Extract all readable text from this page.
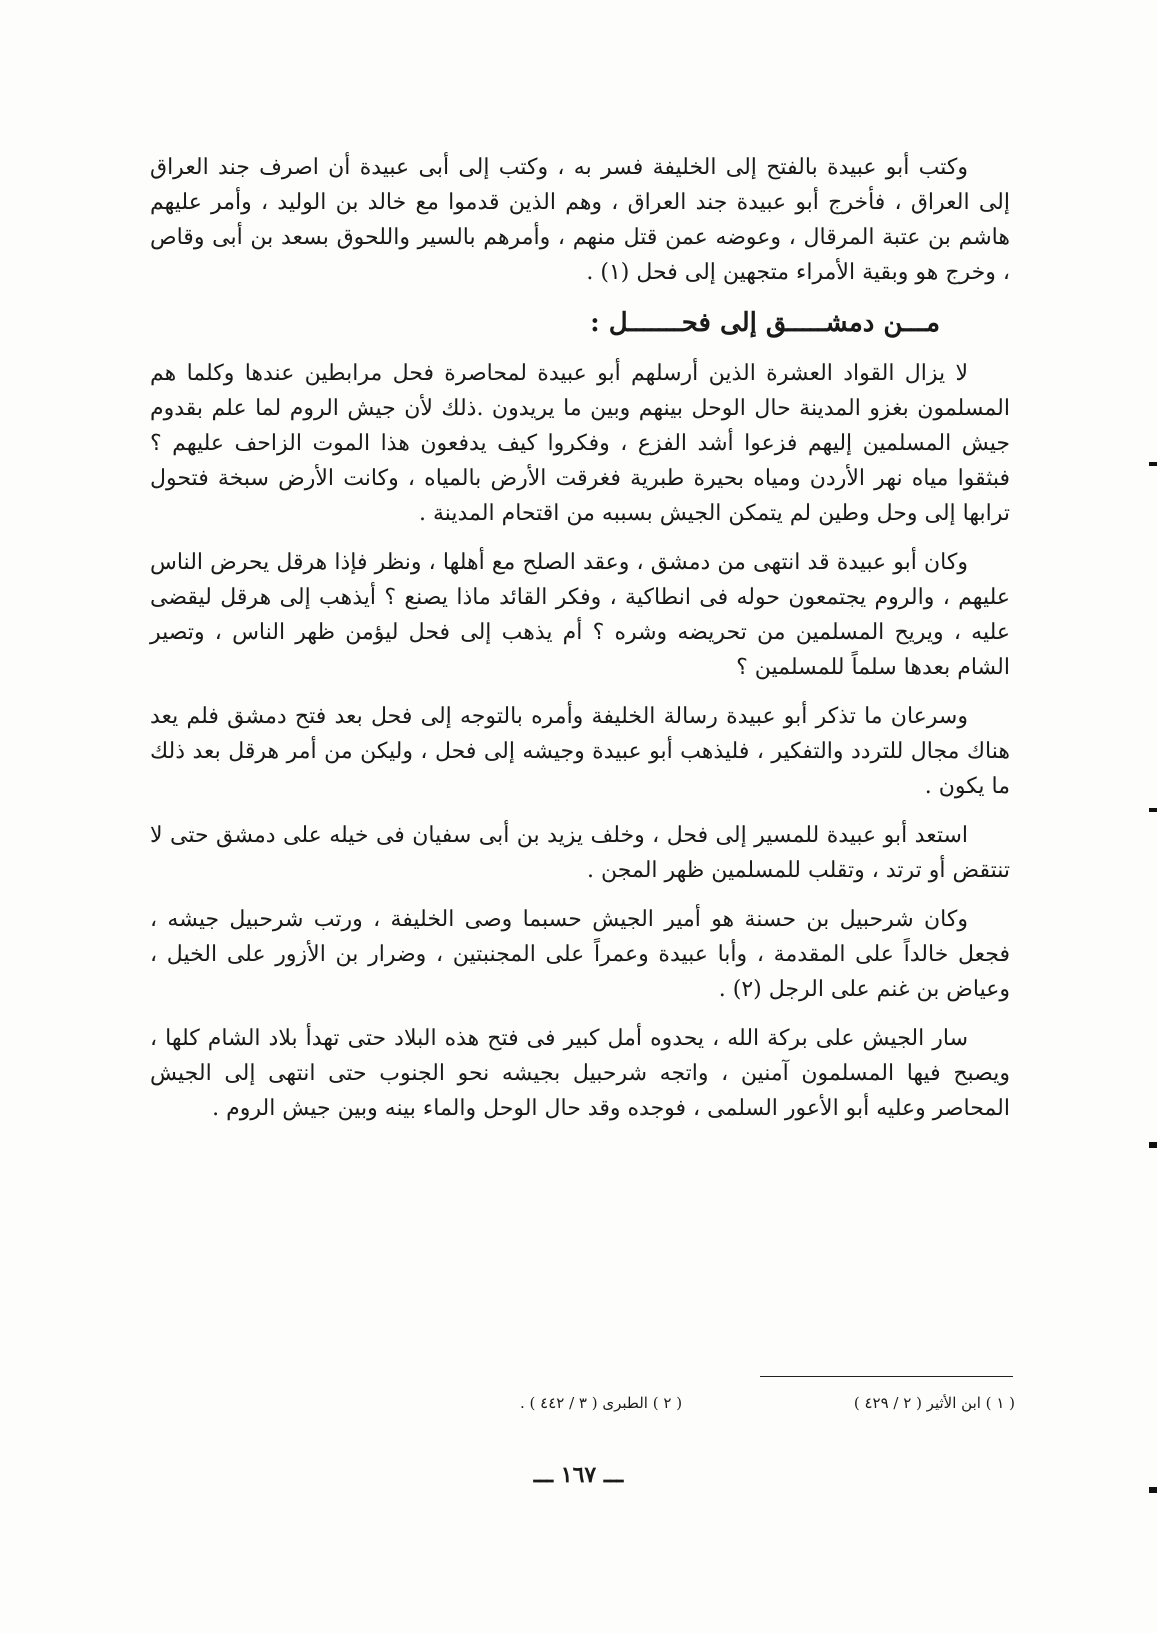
وكتب أبو عبيدة بالفتح إلى الخليفة فسر به ، وكتب إلى أبى عبيدة أن اصرف جند العراق إلى العراق ، فأخرج أبو عبيدة جند العراق ، وهم الذين قدموا مع خالد بن الوليد ، وأمر عليهم هاشم بن عتبة المرقال ، وعوضه عمن قتل منهم ، وأمرهم بالسير واللحوق بسعد بن أبى وقاص ، وخرج هو وبقية الأمراء متجهين إلى فحل (١) .

مـــن دمشـــــق إلى فحـــــــل :

لا يزال القواد العشرة الذين أرسلهم أبو عبيدة لمحاصرة فحل مرابطين عندها وكلما هم المسلمون بغزو المدينة حال الوحل بينهم وبين ما يريدون .ذلك لأن جيش الروم لما علم بقدوم جيش المسلمين إليهم فزعوا أشد الفزع ، وفكروا كيف يدفعون هذا الموت الزاحف عليهم ؟ فبثقوا مياه نهر الأردن ومياه بحيرة طبرية فغرقت الأرض بالمياه ، وكانت الأرض سبخة فتحول ترابها إلى وحل وطين لم يتمكن الجيش بسببه من اقتحام المدينة .

وكان أبو عبيدة قد انتهى من دمشق ، وعقد الصلح مع أهلها ، ونظر فإذا هرقل يحرض الناس عليهم ، والروم يجتمعون حوله فى انطاكية ، وفكر القائد ماذا يصنع ؟ أيذهب إلى هرقل ليقضى عليه ، ويريح المسلمين من تحريضه وشره ؟ أم يذهب إلى فحل ليؤمن ظهر الناس ، وتصير الشام بعدها سلماً للمسلمين ؟

وسرعان ما تذكر أبو عبيدة رسالة الخليفة وأمره بالتوجه إلى فحل بعد فتح دمشق فلم يعد هناك مجال للتردد والتفكير ، فليذهب أبو عبيدة وجيشه إلى فحل ، وليكن من أمر هرقل بعد ذلك ما يكون .

استعد أبو عبيدة للمسير إلى فحل ، وخلف يزيد بن أبى سفيان فى خيله على دمشق حتى لا تنتقض أو ترتد ، وتقلب للمسلمين ظهر المجن .

وكان شرحبيل بن حسنة هو أمير الجيش حسبما وصى الخليفة ، ورتب شرحبيل جيشه ، فجعل خالداً على المقدمة ، وأبا عبيدة وعمراً على المجنبتين ، وضرار بن الأزور على الخيل ، وعياض بن غنم على الرجل (٢) .

سار الجيش على بركة الله ، يحدوه أمل كبير فى فتح هذه البلاد حتى تهدأ بلاد الشام كلها ، ويصبح فيها المسلمون آمنين ، واتجه شرحبيل بجيشه نحو الجنوب حتى انتهى إلى الجيش المحاصر وعليه أبو الأعور السلمى ، فوجده وقد حال الوحل والماء بينه وبين جيش الروم .

( ١ ) ابن الأثير ( ٢ / ٤٢٩ )
( ٢ ) الطبرى ( ٣ / ٤٤٢ ) .
ـــ ١٦٧ ـــ
